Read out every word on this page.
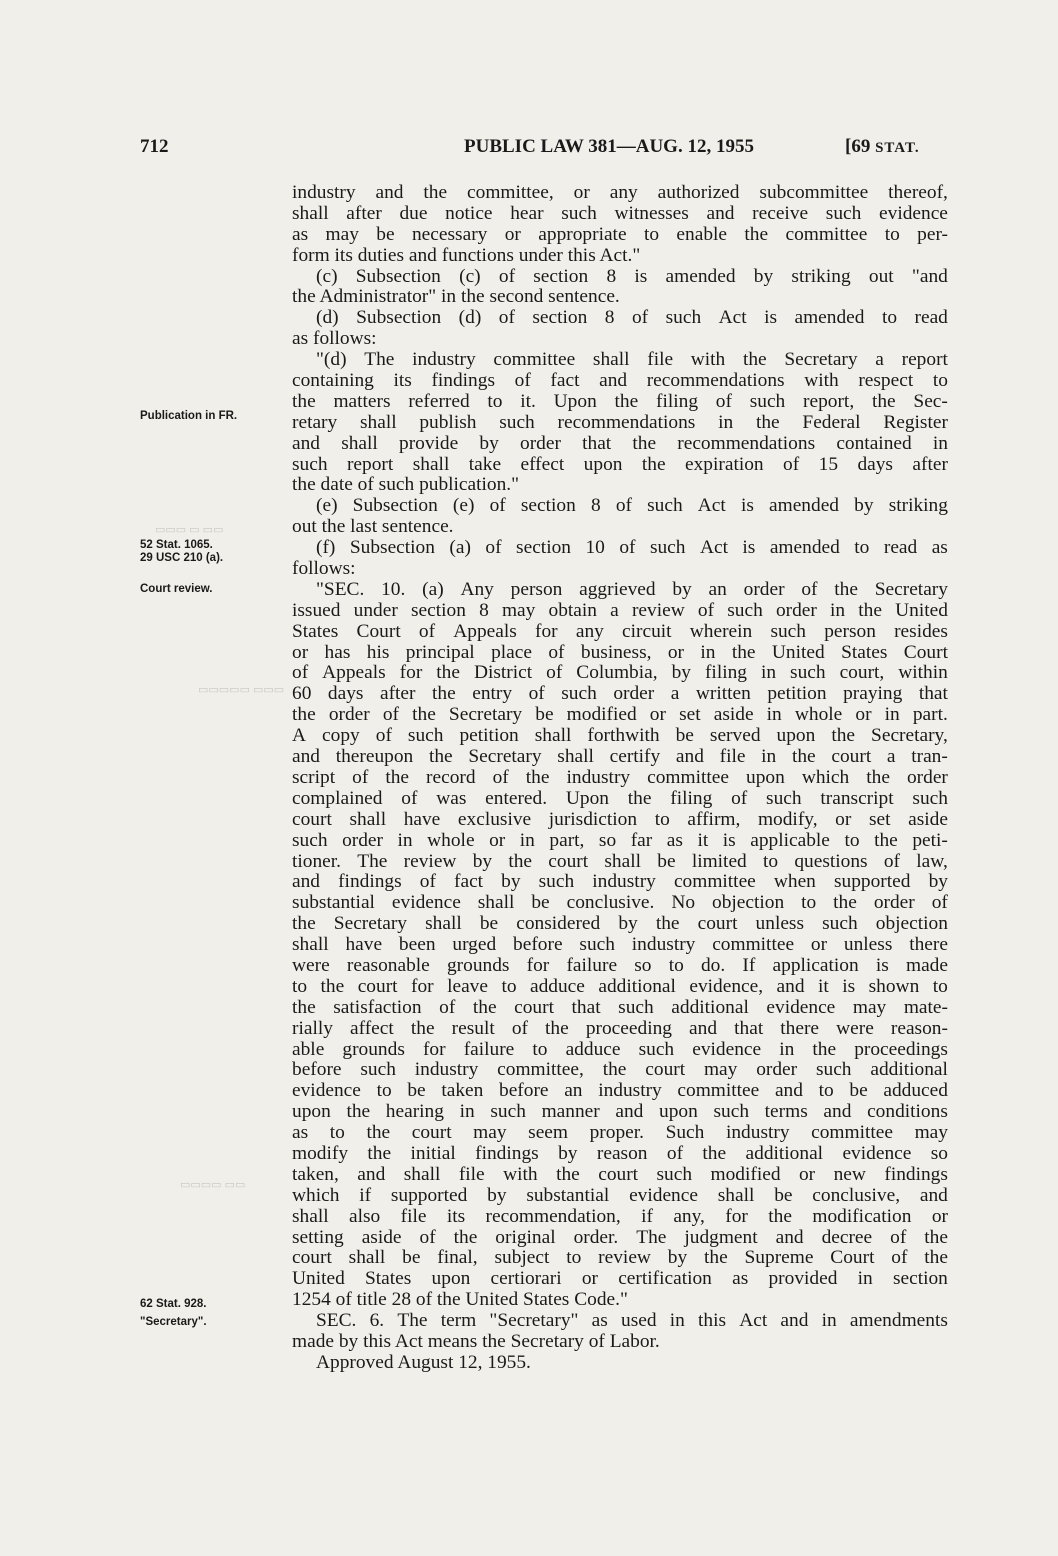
712	PUBLIC LAW 381—AUG. 12, 1955	[69 STAT.
▭▭▭ ▭ ▭▭
▭▭▭▭▭ ▭▭▭
▭▭▭▭ ▭▭
Publication in FR.
52 Stat. 1065.
29 USC 210 (a).
Court review.
62 Stat. 928.
"Secretary".
industry and the committee, or any authorized subcommittee thereof,
shall after due notice hear such witnesses and receive such evidence
as may be necessary or appropriate to enable the committee to per-
form its duties and functions under this Act."
(c) Subsection (c) of section 8 is amended by striking out "and
the Administrator" in the second sentence.
(d) Subsection (d) of section 8 of such Act is amended to read
as follows:
"(d) The industry committee shall file with the Secretary a report
containing its findings of fact and recommendations with respect to
the matters referred to it. Upon the filing of such report, the Sec-
retary shall publish such recommendations in the Federal Register
and shall provide by order that the recommendations contained in
such report shall take effect upon the expiration of 15 days after
the date of such publication."
(e) Subsection (e) of section 8 of such Act is amended by striking
out the last sentence.
(f) Subsection (a) of section 10 of such Act is amended to read as
follows:
"SEC. 10. (a) Any person aggrieved by an order of the Secretary
issued under section 8 may obtain a review of such order in the United
States Court of Appeals for any circuit wherein such person resides
or has his principal place of business, or in the United States Court
of Appeals for the District of Columbia, by filing in such court, within
60 days after the entry of such order a written petition praying that
the order of the Secretary be modified or set aside in whole or in part.
A copy of such petition shall forthwith be served upon the Secretary,
and thereupon the Secretary shall certify and file in the court a tran-
script of the record of the industry committee upon which the order
complained of was entered. Upon the filing of such transcript such
court shall have exclusive jurisdiction to affirm, modify, or set aside
such order in whole or in part, so far as it is applicable to the peti-
tioner. The review by the court shall be limited to questions of law,
and findings of fact by such industry committee when supported by
substantial evidence shall be conclusive. No objection to the order of
the Secretary shall be considered by the court unless such objection
shall have been urged before such industry committee or unless there
were reasonable grounds for failure so to do. If application is made
to the court for leave to adduce additional evidence, and it is shown to
the satisfaction of the court that such additional evidence may mate-
rially affect the result of the proceeding and that there were reason-
able grounds for failure to adduce such evidence in the proceedings
before such industry committee, the court may order such additional
evidence to be taken before an industry committee and to be adduced
upon the hearing in such manner and upon such terms and conditions
as to the court may seem proper. Such industry committee may
modify the initial findings by reason of the additional evidence so
taken, and shall file with the court such modified or new findings
which if supported by substantial evidence shall be conclusive, and
shall also file its recommendation, if any, for the modification or
setting aside of the original order. The judgment and decree of the
court shall be final, subject to review by the Supreme Court of the
United States upon certiorari or certification as provided in section
1254 of title 28 of the United States Code."
SEC. 6. The term "Secretary" as used in this Act and in amendments
made by this Act means the Secretary of Labor.
Approved August 12, 1955.
